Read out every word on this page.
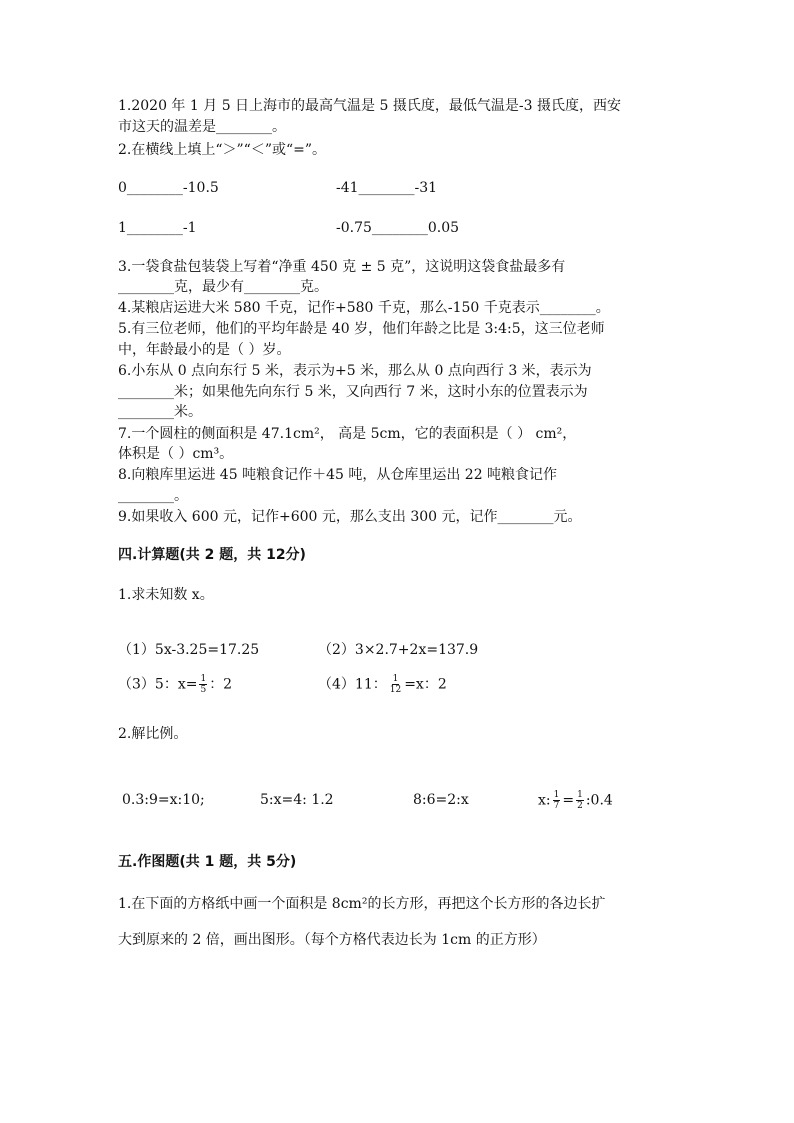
1.2020 年 1 月 5 日上海市的最高气温是 5 摄氏度，最低气温是-3 摄氏度，西安
市这天的温差是________。
2.在横线上填上“＞”“＜”或“=”。
0________-10.5	-41________-31
1________-1	-0.75________0.05
3.一袋食盐包装袋上写着“净重 450 克 ± 5 克”，这说明这袋食盐最多有
________克，最少有________克。
4.某粮店运进大米 580 千克，记作+580 千克，那么-150 千克表示________。
5.有三位老师，他们的平均年龄是 40 岁，他们年龄之比是 3:4:5，这三位老师
中，年龄最小的是（ ）岁。
6.小东从 0 点向东行 5 米，表示为+5 米，那么从 0 点向西行 3 米，表示为
________米；如果他先向东行 5 米，又向西行 7 米，这时小东的位置表示为
________米。
7.一个圆柱的侧面积是 47.1cm²， 高是 5cm，它的表面积是（ ） cm²，
体积是（ ）cm³。
8.向粮库里运进 45 吨粮食记作＋45 吨，从仓库里运出 22 吨粮食记作
________。
9.如果收入 600 元，记作+600 元，那么支出 300 元，记作________元。
四.计算题(共 2 题，共 12分)
1.求未知数 x。
（1）5x-3.25=17.25	（2）3×2.7+2x=137.9
（3）5：$x= \frac{1}{5}$ ：2	（4）11： $\frac{1}{12} =x$：2
2.解比例。
0.3:9=x:10;	5:x=4: 1.2	8:6=2:x	x: $\frac{1}{7} = \frac{1}{2}$ :0.4
五.作图题(共 1 题，共 5分)
1.在下面的方格纸中画一个面积是 8cm²的长方形，再把这个长方形的各边长扩
大到原来的 2 倍，画出图形。（每个方格代表边长为 1cm 的正方形）
